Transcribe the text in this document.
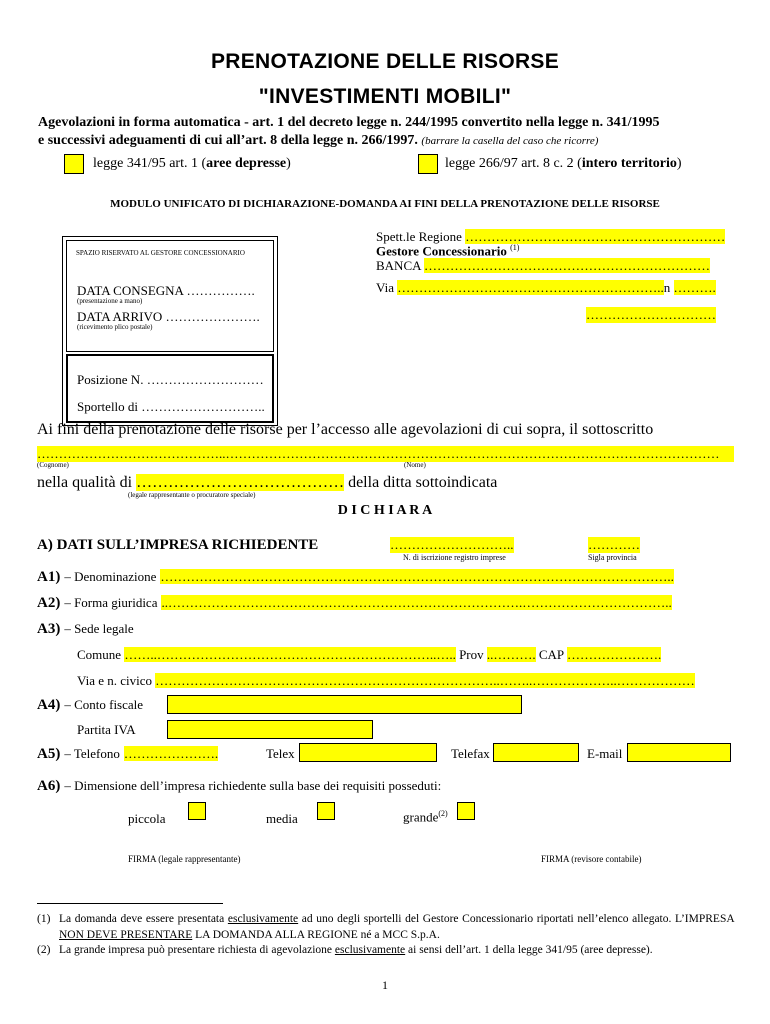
PRENOTAZIONE DELLE RISORSE
"INVESTIMENTI MOBILI"
Agevolazioni in forma automatica - art. 1 del decreto legge n. 244/1995 convertito nella legge n. 341/1995
e successivi adeguamenti di cui all’art. 8 della legge n. 266/1997. (barrare la casella del caso che ricorre)
legge 341/95 art. 1 (aree depresse)	legge 266/97 art. 8 c. 2 (intero territorio)
MODULO UNIFICATO DI DICHIARAZIONE-DOMANDA AI FINI DELLA PRENOTAZIONE DELLE RISORSE
SPAZIO RISERVATO AL GESTORE CONCESSIONARIO
DATA CONSEGNA …………….
(presentazione a mano)
DATA ARRIVO ………………….
(ricevimento plico postale)
Posizione N. ………………………
Sportello di ………………………..
Spett.le Regione ……………………………………………………
Gestore Concessionario $^{(1)}$
BANCA …………………………………………………………
Via ……………………………………………………..n ……….
…………………………
Ai fini della prenotazione delle risorse per l’accesso alle agevolazioni di cui sopra, il sottoscritto
……………………………………..……………………………………………………………………………………………………
(Cognome)	(Nome)
nella qualità di ………………………………… della ditta sottoindicata
(legale rappresentante o procuratore speciale)
D I C H I A R A
A) DATI SULL’IMPRESA RICHIEDENTE	………………………..
N. di iscrizione registro imprese
…………
Sigla provincia
A1) – Denominazione ………………………………………………………………………………………………………..
A2) – Forma giuridica ..……………………………………………………………………….……………………………..
A3) – Sede legale
Comune ……..………………………………………………………..….. Prov ..………. CAP ………………….
Via e n. civico ……………………………………………………………………..……..………………..………………
A4) – Conto fiscale
Partita IVA
A5) – Telefono ………………….	Telex	Telefax	E-mail
A6) – Dimensione dell’impresa richiedente sulla base dei requisiti posseduti:
piccola	media	grande$^{(2)}$
FIRMA (legale rappresentante)	FIRMA (revisore contabile)
(1) La domanda deve essere presentata esclusivamente ad uno degli sportelli del Gestore Concessionario riportati nell’elenco allegato. L’IMPRESA NON DEVE PRESENTARE LA DOMANDA ALLA REGIONE né a MCC S.p.A.
(2) La grande impresa può presentare richiesta di agevolazione esclusivamente ai sensi dell’art. 1 della legge 341/95 (aree depresse).
1
